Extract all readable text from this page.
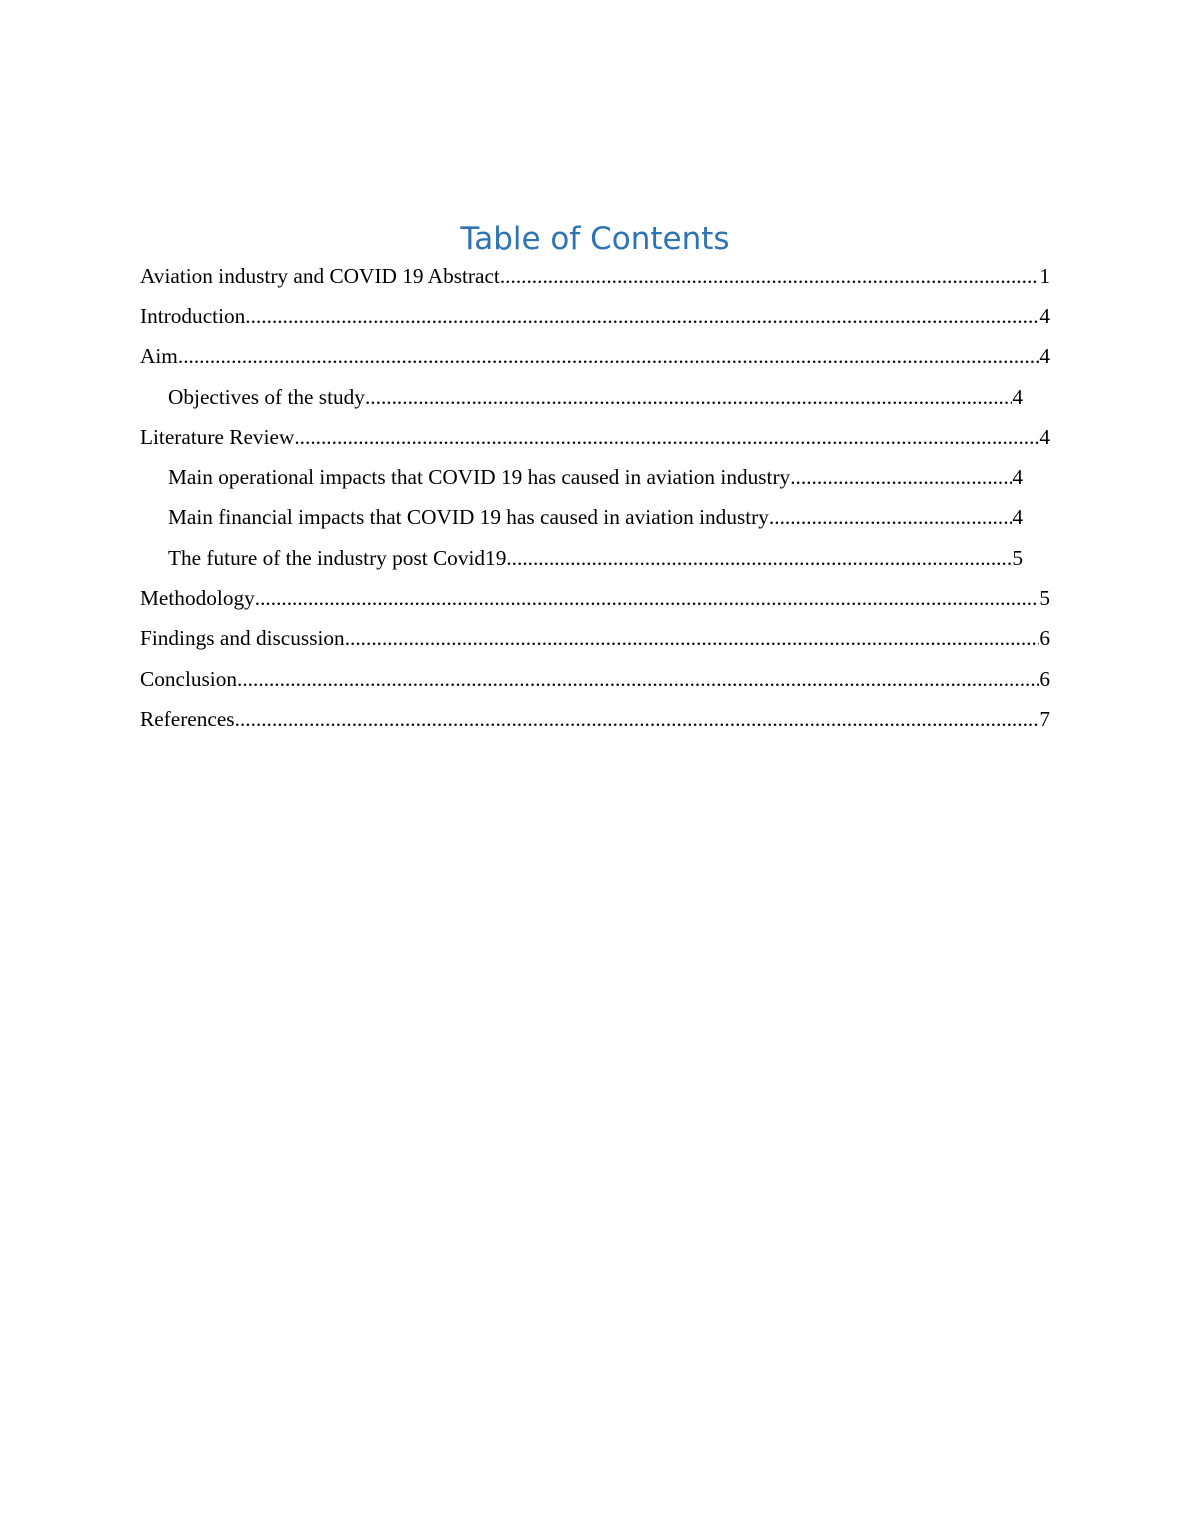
Table of Contents
Aviation industry and COVID 19 Abstract .....	1
Introduction .....	4
Aim .....	4
Objectives of the study .....	4
Literature Review .....	4
Main operational impacts that COVID 19 has caused in aviation industry .....	4
Main financial impacts that COVID 19 has caused in aviation industry .....	4
The future of the industry post Covid19 .....	5
Methodology .....	5
Findings and discussion .....	6
Conclusion .....	6
References .....	7
